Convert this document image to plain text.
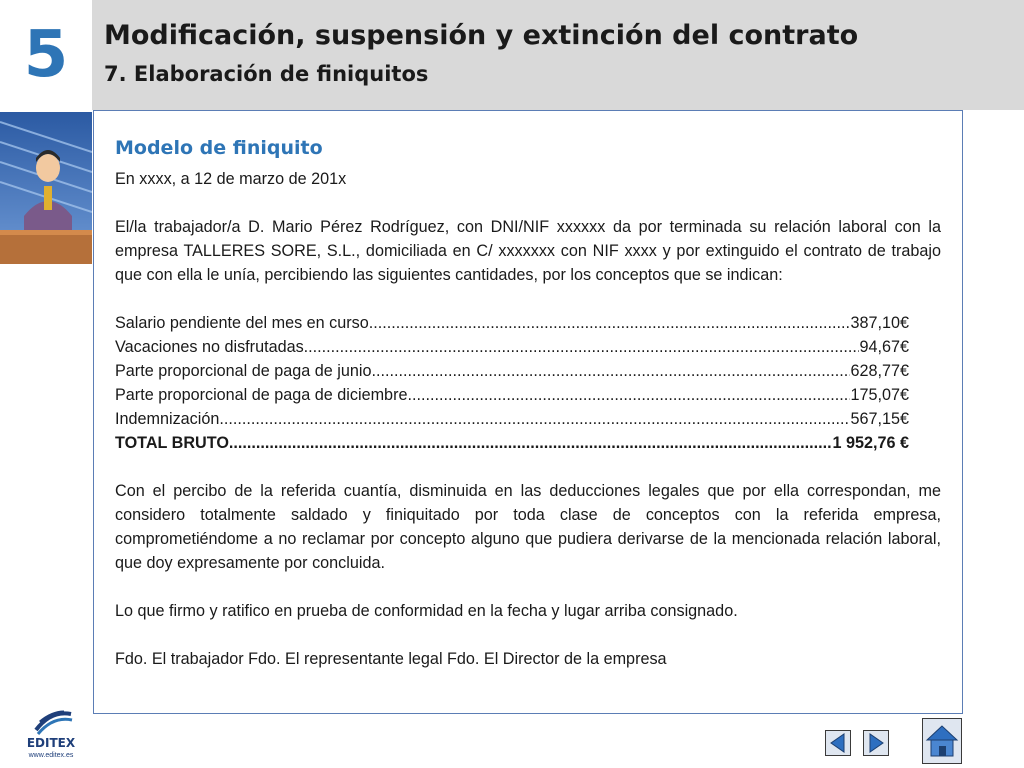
5 Modificación, suspensión y extinción del contrato
7. Elaboración de finiquitos
Modelo de finiquito

En xxxx, a 12 de marzo de 201x

El/la trabajador/a D. Mario Pérez Rodríguez, con DNI/NIF xxxxxx da por terminada su relación laboral con la empresa TALLERES SORE, S.L., domiciliada en C/ xxxxxxx con NIF xxxx y por extinguido el contrato de trabajo que con ella le unía, percibiendo las siguientes cantidades, por los conceptos que se indican:

Salario pendiente del mes en curso .....	387,10€
Vacaciones no disfrutadas .....	94,67€
Parte proporcional de paga de junio .....	628,77€
Parte proporcional de paga de diciembre .....	175,07€
Indemnización .....	567,15€
TOTAL BRUTO .....	1 952,76 €

Con el percibo de la referida cuantía, disminuida en las deducciones legales que por ella correspondan, me considero totalmente saldado y finiquitado por toda clase de conceptos con la referida empresa, comprometiéndome a no reclamar por concepto alguno que pudiera derivarse de la mencionada relación laboral, que doy expresamente por concluida.

Lo que firmo y ratifico en prueba de conformidad en la fecha y lugar arriba consignado.

Fdo. El trabajador Fdo. El representante legal Fdo. El Director de la empresa

EDITEX
www.editex.es
